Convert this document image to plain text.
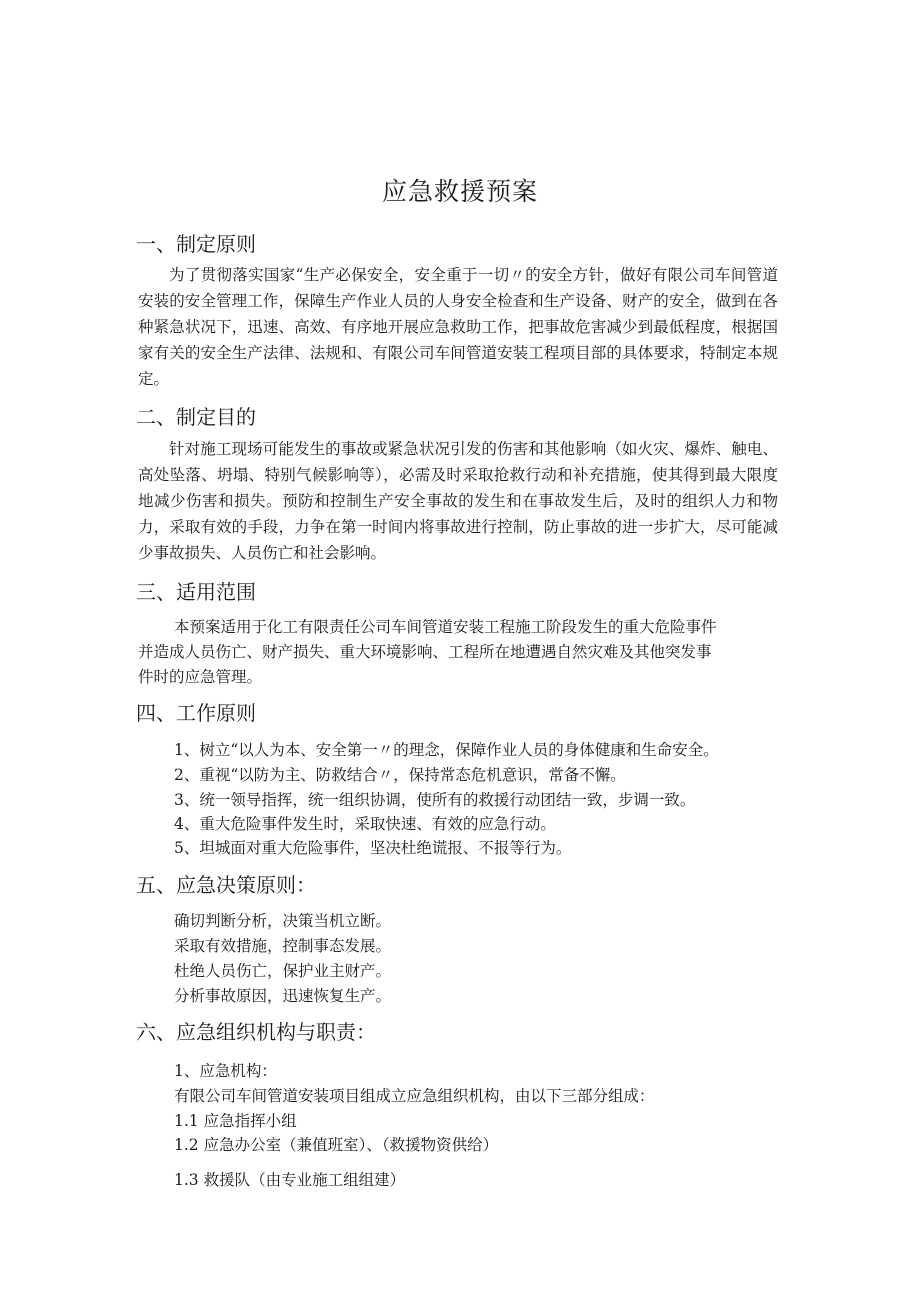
应急救援预案
一、制定原则

为了贯彻落实国家“生产必保安全，安全重于一切〃的安全方针，做好有限公司车间管道安装的安全管理工作，保障生产作业人员的人身安全检查和生产设备、财产的安全，做到在各种紧急状况下，迅速、高效、有序地开展应急救助工作，把事故危害减少到最低程度，根据国家有关的安全生产法律、法规和、有限公司车间管道安装工程项目部的具体要求，特制定本规定。

二、制定目的

针对施工现场可能发生的事故或紧急状况引发的伤害和其他影响（如火灾、爆炸、触电、高处坠落、坍塌、特别气候影响等），必需及时采取抢救行动和补充措施，使其得到最大限度地减少伤害和损失。预防和控制生产安全事故的发生和在事故发生后，及时的组织人力和物力，采取有效的手段，力争在第一时间内将事故进行控制，防止事故的进一步扩大，尽可能减少事故损失、人员伤亡和社会影响。

三、适用范围
本预案适用于化工有限责任公司车间管道安装工程施工阶段发生的重大危险事件
并造成人员伤亡、财产损失、重大环境影响、工程所在地遭遇自然灾难及其他突发事
件时的应急管理。
四、工作原则
1、树立“以人为本、安全第一〃的理念，保障作业人员的身体健康和生命安全。
2、重视“以防为主、防救结合〃，保持常态危机意识，常备不懈。
3、统一领导指挥，统一组织协调，使所有的救援行动团结一致，步调一致。
4、重大危险事件发生时，采取快速、有效的应急行动。
5、坦城面对重大危险事件，坚决杜绝谎报、不报等行为。
五、应急决策原则：
确切判断分析，决策当机立断。
采取有效措施，控制事态发展。
杜绝人员伤亡，保护业主财产。
分析事故原因，迅速恢复生产。
六、应急组织机构与职责：
1、应急机构：
有限公司车间管道安装项目组成立应急组织机构，由以下三部分组成：
1.1 应急指挥小组
1.2 应急办公室（兼值班室）、（救援物资供给）
1.3 救援队（由专业施工组组建）
